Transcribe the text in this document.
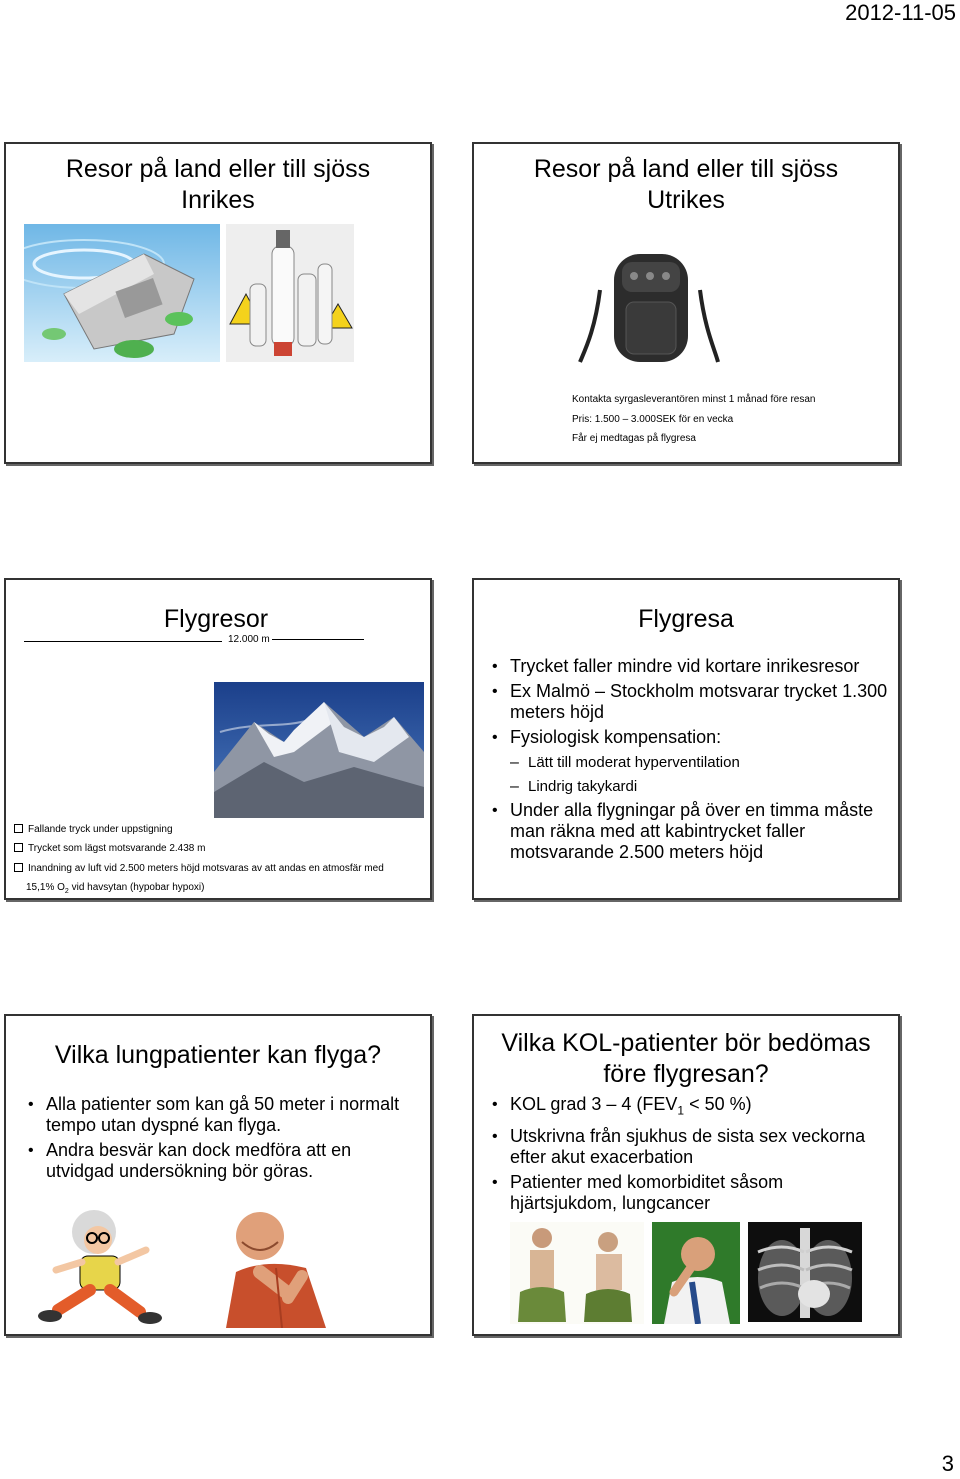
2012-11-05
Resor på land eller till sjöss
Inrikes
Resor på land eller till sjöss
Utrikes
Kontakta syrgasleverantören minst 1 månad före resan
Pris: 1.500 – 3.000SEK för en vecka
Får ej medtagas på flygresa
Flygresor
12.000 m
Fallande tryck under uppstigning
Trycket som lägst motsvarande 2.438 m
Inandning av luft vid 2.500 meters höjd motsvaras av att andas en atmosfär med
15,1% $O_2$ vid havsytan (hypobar hypoxi)
Flygresa
• Trycket faller mindre vid kortare inrikesresor
• Ex Malmö – Stockholm motsvarar trycket 1.300 meters höjd
• Fysiologisk kompensation:
– Lätt till moderat hyperventilation
– Lindrig takykardi
• Under alla flygningar på över en timma måste man räkna med att kabintrycket faller motsvarande 2.500 meters höjd
Vilka lungpatienter kan flyga?
• Alla patienter som kan gå 50 meter i normalt tempo utan dyspné kan flyga.
• Andra besvär kan dock medföra att en utvidgad undersökning bör göras.
Vilka KOL-patienter bör bedömas
före flygresan?
• KOL grad 3 – 4 ($FEV_1 < 50$ %)
• Utskrivna från sjukhus de sista sex veckorna efter akut exacerbation
• Patienter med komorbiditet såsom hjärtsjukdom, lungcancer
3
